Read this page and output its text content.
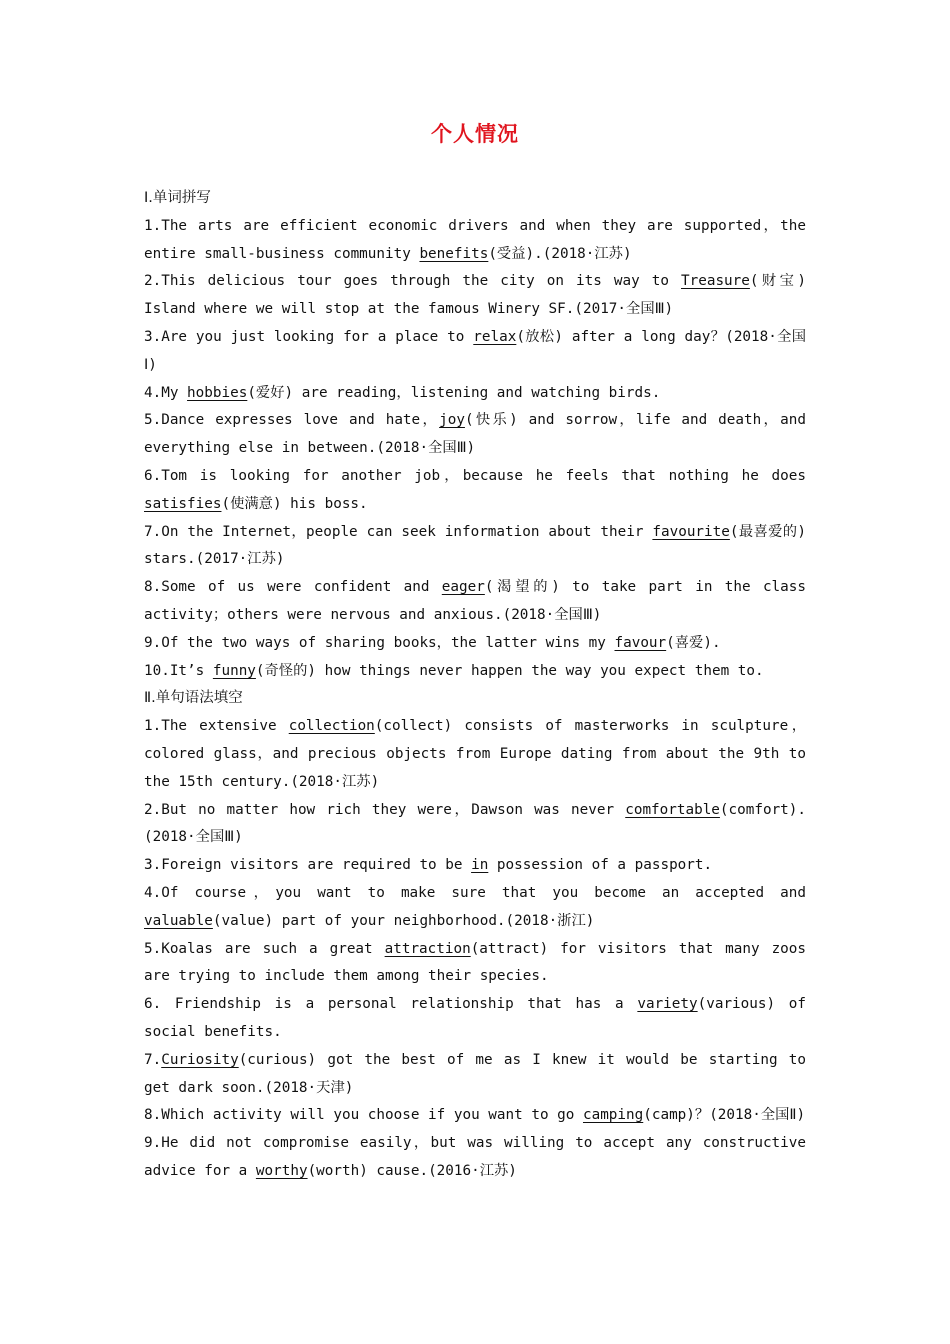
个人情况

Ⅰ.单词拼写

1.The arts are efficient economic drivers and when they are supported，the entire small-business community benefits(受益).(2018·江苏)

2.This delicious tour goes through the city on its way to Treasure(财宝) Island where we will stop at the famous Winery SF.(2017·全国Ⅲ)

3.Are you just looking for a place to relax(放松) after a long day？(2018·全国Ⅰ)

4.My hobbies(爱好) are reading，listening and watching birds.

5.Dance expresses love and hate，joy(快乐) and sorrow，life and death，and everything else in between.(2018·全国Ⅲ)

6.Tom is looking for another job，because he feels that nothing he does satisfies(使满意) his boss.

7.On the Internet，people can seek information about their favourite(最喜爱的) stars.(2017·江苏)

8.Some of us were confident and eager(渴望的) to take part in the class activity；others were nervous and anxious.(2018·全国Ⅲ)

9.Of the two ways of sharing books，the latter wins my favour(喜爱).

10.It’s funny(奇怪的) how things never happen the way you expect them to.

Ⅱ.单句语法填空

1.The extensive collection(collect) consists of masterworks in sculpture，colored glass，and precious objects from Europe dating from about the 9th to the 15th century.(2018·江苏)

2.But no matter how rich they were，Dawson was never comfortable(comfort).(2018·全国Ⅲ)

3.Foreign visitors are required to be in possession of a passport.

4.Of course，you want to make sure that you become an accepted and valuable(value) part of your neighborhood.(2018·浙江)

5.Koalas are such a great attraction(attract) for visitors that many zoos are trying to include them among their species.

6. Friendship is a personal relationship that has a variety(various) of social benefits.

7.Curiosity(curious) got the best of me as I knew it would be starting to get dark soon.(2018·天津)

8.Which activity will you choose if you want to go camping(camp)？(2018·全国Ⅱ)

9.He did not compromise easily，but was willing to accept any constructive advice for a worthy(worth) cause.(2016·江苏)
